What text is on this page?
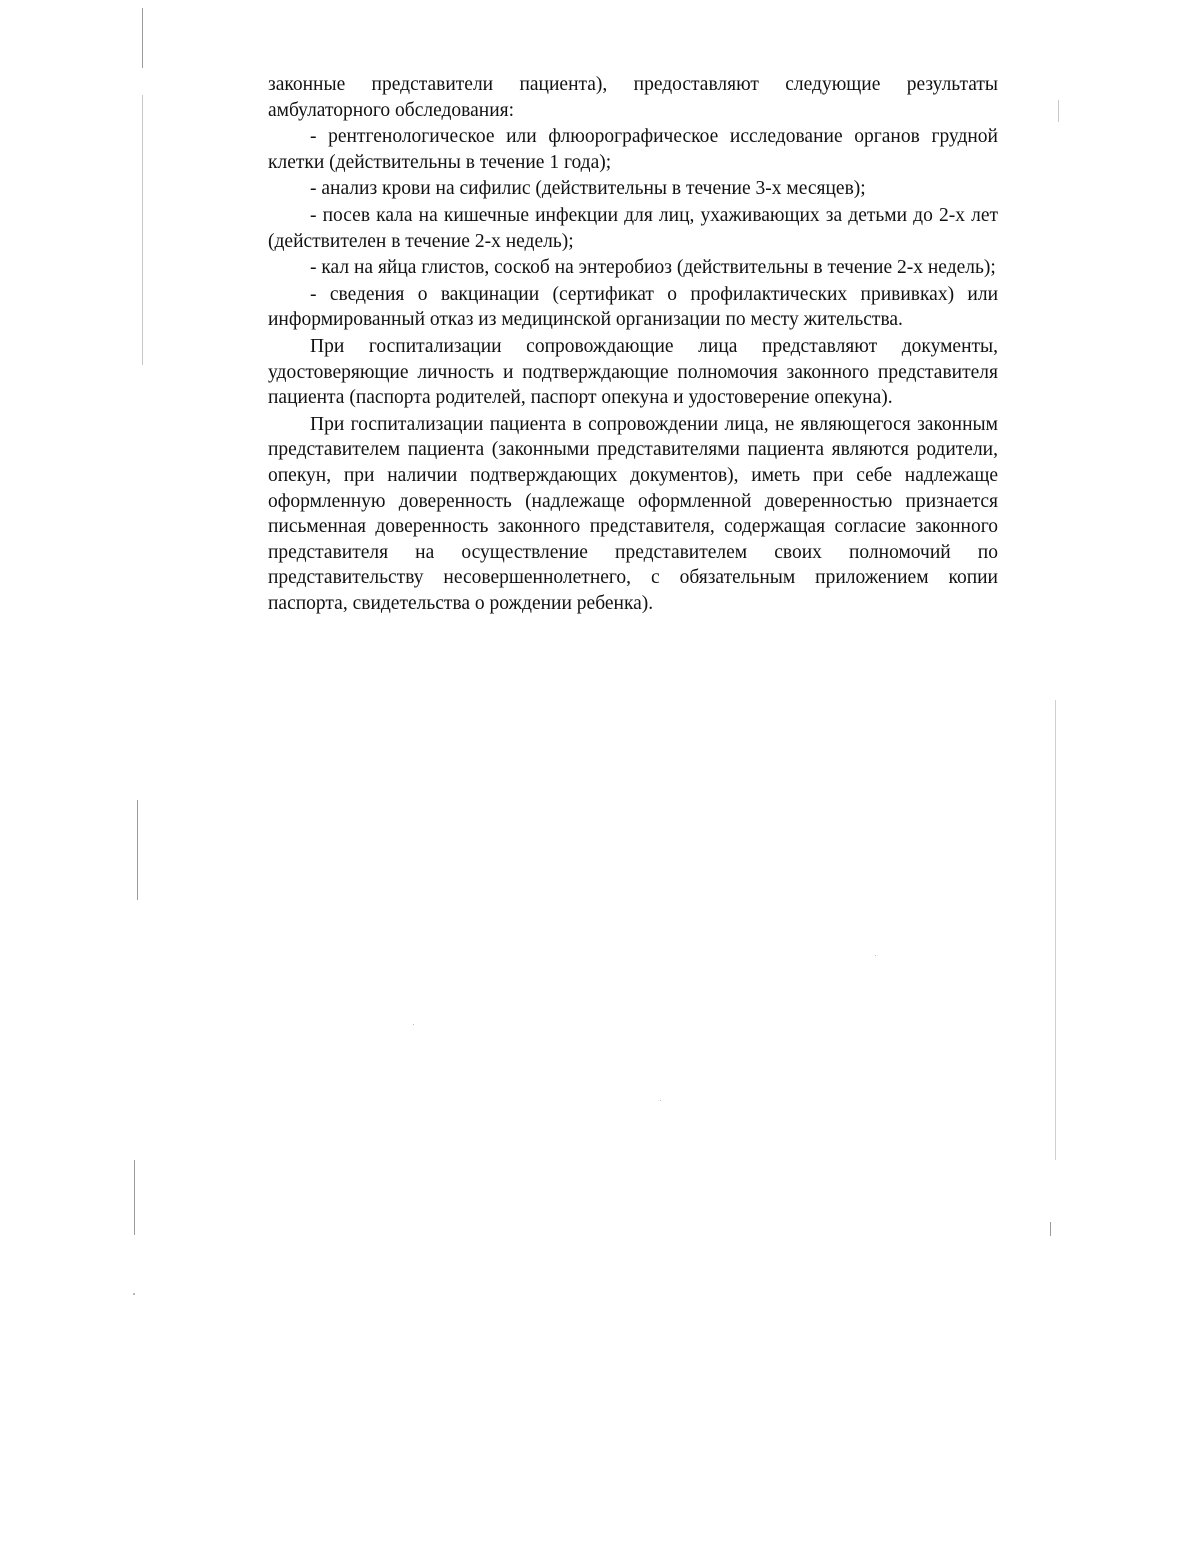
законные представители пациента), предоставляют следующие результаты амбулаторного обследования:

- рентгенологическое или флюорографическое исследование органов грудной клетки (действительны в течение 1 года);

- анализ крови на сифилис (действительны в течение 3-х месяцев);

- посев кала на кишечные инфекции для лиц, ухаживающих за детьми до 2-х лет (действителен в течение 2-х недель);

- кал на яйца глистов, соскоб на энтеробиоз (действительны в течение 2-х недель);

- сведения о вакцинации (сертификат о профилактических прививках) или информированный отказ из медицинской организации по месту жительства.

При госпитализации сопровождающие лица представляют документы, удостоверяющие личность и подтверждающие полномочия законного представителя пациента (паспорта родителей, паспорт опекуна и удостоверение опекуна).

При госпитализации пациента в сопровождении лица, не являющегося законным представителем пациента (законными представителями пациента являются родители, опекун, при наличии подтверждающих документов), иметь при себе надлежаще оформленную доверенность (надлежаще оформленной доверенностью признается письменная доверенность законного представителя, содержащая согласие законного представителя на осуществление представителем своих полномочий по представительству несовершеннолетнего, с обязательным приложением копии паспорта, свидетельства о рождении ребенка).
